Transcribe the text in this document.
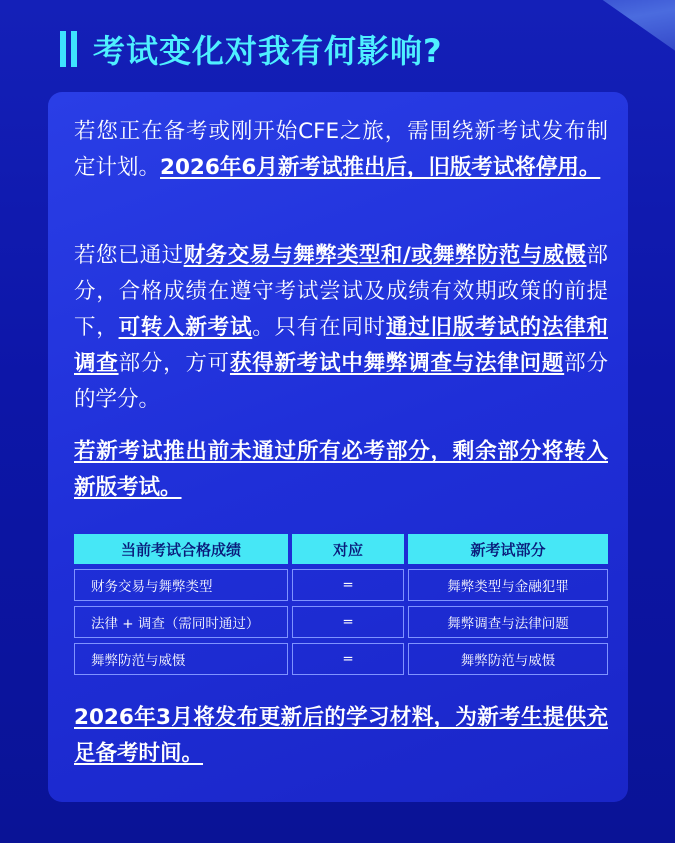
考试变化对我有何影响?
若您正在备考或刚开始CFE之旅，需围绕新考试发布制定计划。2026年6月新考试推出后，旧版考试将停用。
若您已通过财务交易与舞弊类型和/或舞弊防范与威慑部分，合格成绩在遵守考试尝试及成绩有效期政策的前提下，可转入新考试。只有在同时通过旧版考试的法律和调查部分，方可获得新考试中舞弊调查与法律问题部分的学分。
若新考试推出前未通过所有必考部分，剩余部分将转入新版考试。
当前考试合格成绩	对应	新考试部分
财务交易与舞弊类型	=	舞弊类型与金融犯罪
法律 + 调查（需同时通过）	=	舞弊调查与法律问题
舞弊防范与威慑	=	舞弊防范与威慑
2026年3月将发布更新后的学习材料，为新考生提供充足备考时间。
